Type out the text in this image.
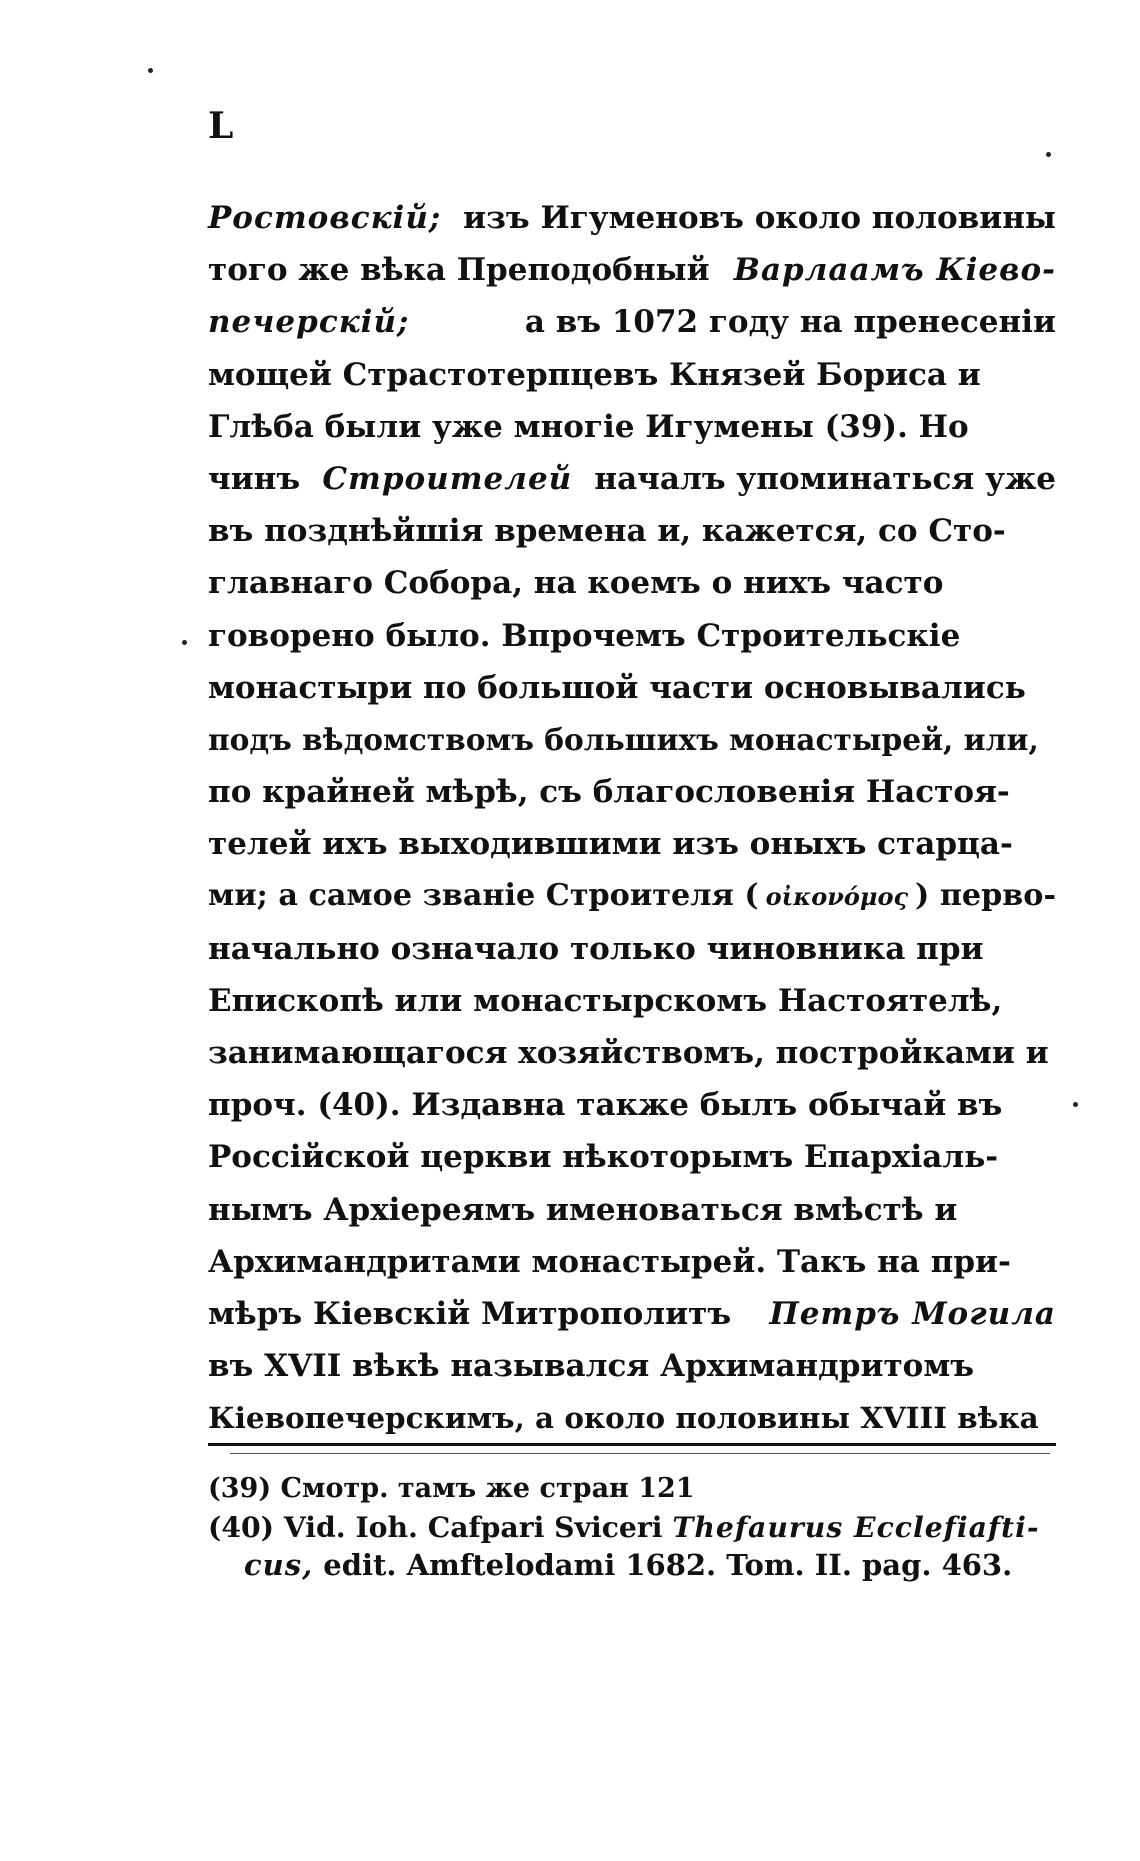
L
Ростовскій; изъ Игуменовъ около половины
того же вѣка Преподобный Варлаамъ Кіево-
печерскій;	а въ 1072 году на пренесеніи
мощей Страстотерпцевъ Князей Бориса и
Глѣба были уже многіе Игумены (39). Но
чинъ Строителей началъ упоминаться уже
въ позднѣйшія времена и, кажется, со Сто-
главнаго Собора, на коемъ о нихъ часто
говорено было. Впрочемъ Строительскіе
монастыри по большой части основывались
подъ вѣдомствомъ большихъ монастырей, или,
по крайней мѣрѣ, съ благословенія Настоя-
телей ихъ выходившими изъ оныхъ старца-
ми; а самое званіе Строителя ( οἰκονόμος ) перво-
начально означало только чиновника при
Епископѣ или монастырскомъ Настоятелѣ,
занимающагося хозяйствомъ, постройками и
проч. (40). Издавна также былъ обычай въ
Россійской церкви нѣкоторымъ Епархіаль-
нымъ Архіереямъ именоваться вмѣстѣ и
Архимандритами монастырей. Такъ на при-
мѣръ Кіевскій Митрополитъ Петръ Могила
въ XVII вѣкѣ назывался Архимандритомъ
Кіевопечерскимъ, а около половины XVIII вѣка
(39) Смотр. тамъ же стран 121
(40) Vid. Ioh. Cafpari Sviceri Thefaurus Ecclefiafti-
cus, edit. Amftelodami 1682. Tom. II. pag. 463.
